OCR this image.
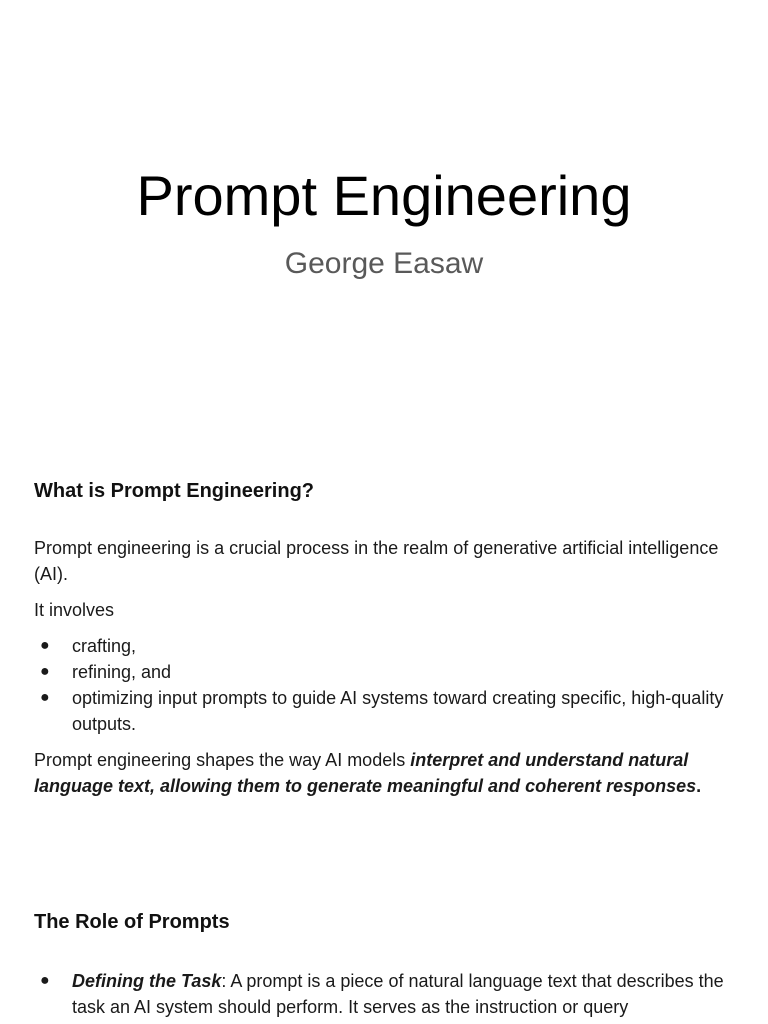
Prompt Engineering
George Easaw
What is Prompt Engineering?

Prompt engineering is a crucial process in the realm of generative artificial intelligence (AI).

It involves

● crafting,
● refining, and
● optimizing input prompts to guide AI systems toward creating specific, high-quality outputs.

Prompt engineering shapes the way AI models interpret and understand natural language text, allowing them to generate meaningful and coherent responses.

The Role of Prompts
● Defining the Task: A prompt is a piece of natural language text that describes the task an AI system should perform. It serves as the instruction or query
